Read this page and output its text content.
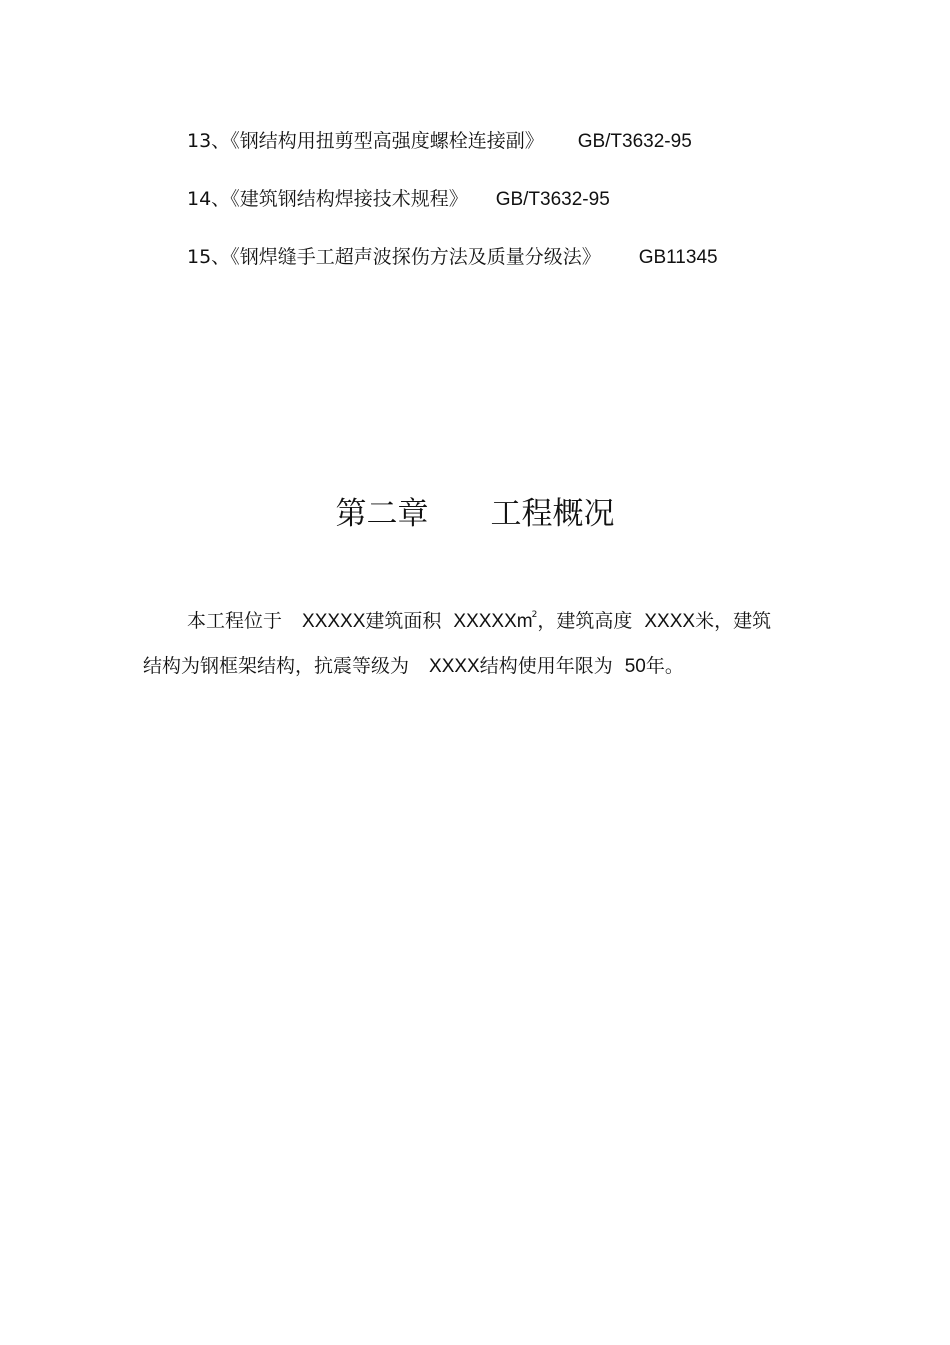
13、《钢结构用扭剪型高强度螺栓连接副》 GB/T3632-95
14、《建筑钢结构焊接技术规程》 GB/T3632-95
15、《钢焊缝手工超声波探伤方法及质量分级法》 GB11345
第二章 工程概况
本工程位于 XXXXX建筑面积 XXXXXm$^2$，建筑高度 XXXX米，建筑
结构为钢框架结构，抗震等级为 XXXX结构使用年限为 50年。
